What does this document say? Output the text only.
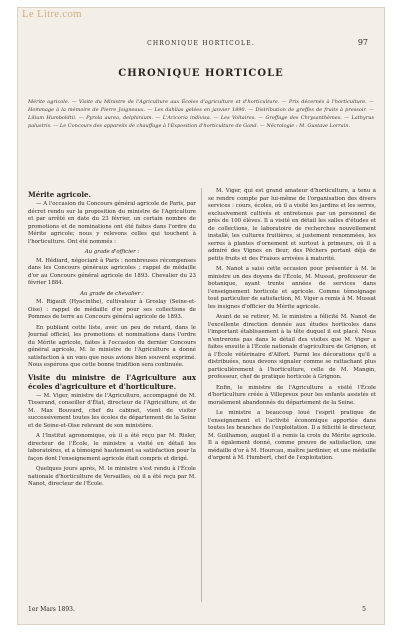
Le Litre.com
CHRONIQUE HORTICOLE.	97
CHRONIQUE HORTICOLE
Mérite agricole. — Visite du Ministre de l'Agriculture aux Écoles d'agriculture et d'horticulture. — Prix décernés à l'horticulture. — Hommage à la mémoire de Pierre Joigneaux. — Les dahlias gelées en janvier 1890. — Distribution de greffes de fruits à pressoir. — Lilium Humboldtii. — Pyrola aurea, delphinium. — L'Aricoria indivisa. — Les Voltaires. — Greffage des Chrysanthèmes. — Lathyrus palustris. — Le Concours des appareils de chauffage à l'Exposition d'horticulture de Gand. — Nécrologie : M. Gustave Lorrain.
Mérite agricole.

— A l'occasion du Concours général agricole de Paris, par décret rendu sur la proposition du ministre de l'Agriculture et par arrêté en date du 23 février, un certain nombre de promotions et de nominations ont été faites dans l'ordre du Mérite agricole; nous y relevons celles qui touchent à l'horticulture. Ont été nommés :

Au grade d'officier :

M. Hédiard, négociant à Paris : nombreuses récompenses dans les Concours généraux agricoles ; rappel de médaille d'or au Concours général agricole de 1893. Chevalier du 23 février 1884.

Au grade de chevalier :

M. Rigault (Hyacinthe), cultivateur à Groslay (Seine-et-Oise) : rappel de médaille d'or pour ses collections de Pommes de terre au Concours général agricole de 1893.

En publiant cette liste, avec un peu de retard, dans le Journal officiel, les promotions et nominations dans l'ordre du Mérite agricole, faites à l'occasion du dernier Concours général agricole, M. le ministre de l'Agriculture a donné satisfaction à un vœu que nous avions bien souvent exprimé. Nous espérons que cette bonne tradition sera continuée.

Visite du ministre de l'Agriculture aux écoles d'agriculture et d'horticulture.

— M. Viger, ministre de l'Agriculture, accompagné de M. Tisserand, conseiller d'État, directeur de l'Agriculture, et de M. Max Bouvard, chef du cabinet, vient de visiter successivement toutes les écoles du département de la Seine et de Seine-et-Oise relevant de son ministère.

A l'Institut agronomique, où il a été reçu par M. Risler, directeur de l'École, le ministre a visité en détail les laboratoires, et a témoigné hautement sa satisfaction pour la façon dont l'enseignement agricole était compris et dirigé.

Quelques jours après, M. le ministre s'est rendu à l'École nationale d'horticulture de Versailles, où il a été reçu par M. Nanot, directeur de l'École.

M. Viger, qui est grand amateur d'horticulture, a tenu à se rendre compte par lui-même de l'organisation des divers services : cours, écoles, où il a visité les jardins et les serres, exclusivement cultivés et entretenus par un personnel de près de 100 élèves. Il a visité en détail les salles d'études et de collections, le laboratoire de recherches nouvellement installé, les cultures fruitières, si justement renommées, les serres à plantes d'ornement et surtout à primeurs, où il a admiré des Vignes en fleur, des Pêchers portant déjà de petits fruits et des Fraises arrivées à maturité.

M. Nanot a saisi cette occasion pour présenter à M. le ministre un des doyens de l'École, M. Mussat, professeur de botanique, ayant trente années de services dans l'enseignement horticole et agricole. Comme témoignage tout particulier de satisfaction, M. Viger a remis à M. Mussat les insignes d'officier du Mérite agricole.

Avant de se retirer, M. le ministre a félicité M. Nanot de l'excellente direction donnée aux études horticoles dans l'important établissement à la tête duquel il est placé. Nous n'entrerons pas dans le détail des visites que M. Viger a faites ensuite à l'École nationale d'agriculture de Grignon, et à l'École vétérinaire d'Alfort. Parmi les décorations qu'il a distribuées, nous devons signaler comme se rattachant plus particulièrement à l'horticulture, celle de M. Mangin, professeur, chef de pratique horticole à Grignon.

Enfin, le ministre de l'Agriculture a visité l'École d'horticulture créée à Villepreux pour les enfants assistés et moralement abandonnés du département de la Seine.

Le ministre a beaucoup loué l'esprit pratique de l'enseignement et l'activité économique apportée dans toutes les branches de l'exploitation. Il a félicité le directeur, M. Guilhamon, auquel il a remis la croix du Mérite agricole. Il a également donné, comme preuve de satisfaction, une médaille d'or à M. Hourcau, maître jardinier, et une médaille d'argent à M. Humbert, chef de l'exploitation.

1er Mars 1893.	5
